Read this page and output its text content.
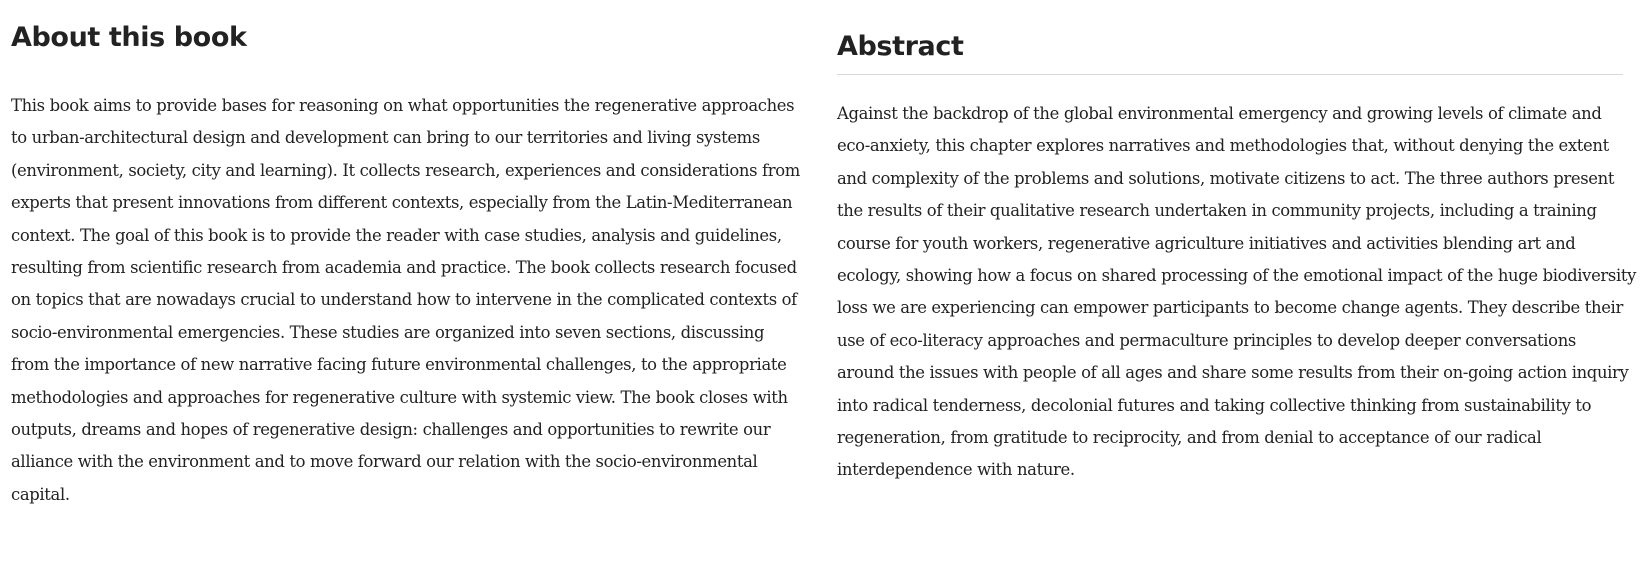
About this book

This book aims to provide bases for reasoning on what opportunities the regenerative approaches to urban-architectural design and development can bring to our territories and living systems (environment, society, city and learning). It collects research, experiences and considerations from experts that present innovations from different contexts, especially from the Latin-Mediterranean context. The goal of this book is to provide the reader with case studies, analysis and guidelines, resulting from scientific research from academia and practice. The book collects research focused on topics that are nowadays crucial to understand how to intervene in the complicated contexts of socio-environmental emergencies. These studies are organized into seven sections, discussing from the importance of new narrative facing future environmental challenges, to the appropriate methodologies and approaches for regenerative culture with systemic view. The book closes with outputs, dreams and hopes of regenerative design: challenges and opportunities to rewrite our alliance with the environment and to move forward our relation with the socio-environmental capital.

Abstract

Against the backdrop of the global environmental emergency and growing levels of climate and eco-anxiety, this chapter explores narratives and methodologies that, without denying the extent and complexity of the problems and solutions, motivate citizens to act. The three authors present the results of their qualitative research undertaken in community projects, including a training course for youth workers, regenerative agriculture initiatives and activities blending art and ecology, showing how a focus on shared processing of the emotional impact of the huge biodiversity loss we are experiencing can empower participants to become change agents. They describe their use of eco-literacy approaches and permaculture principles to develop deeper conversations around the issues with people of all ages and share some results from their on-going action inquiry into radical tenderness, decolonial futures and taking collective thinking from sustainability to regeneration, from gratitude to reciprocity, and from denial to acceptance of our radical interdependence with nature.
